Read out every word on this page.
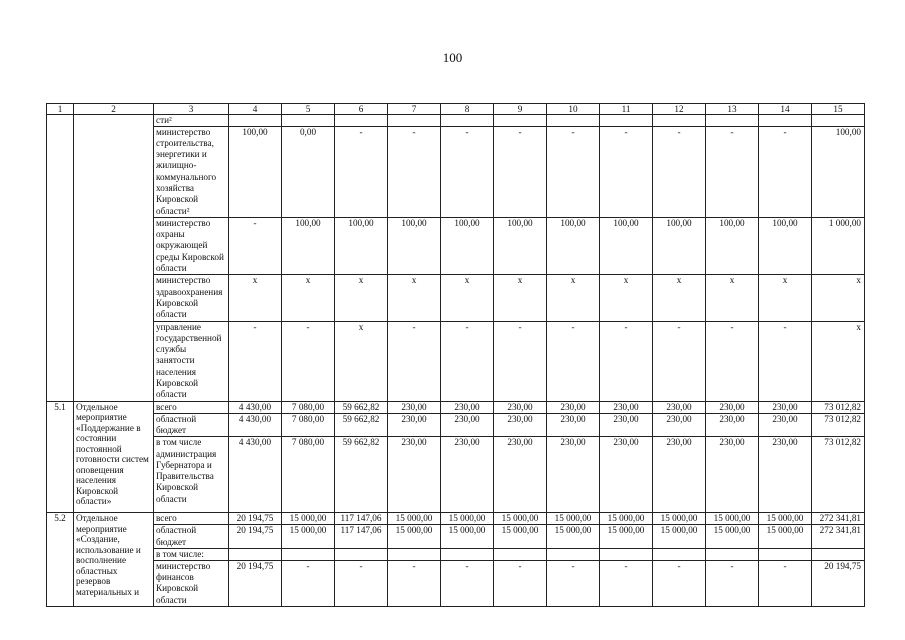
100
1	2	3	4	5	6	7	8	9	10	11	12	13	14	15
		сти²												
		министерство строительства, энергетики и жилищно-коммунального хозяйства Кировской области²	100,00	0,00	-	-	-	-	-	-	-	-	-	100,00
		министерство охраны окружающей среды Кировской области	-	100,00	100,00	100,00	100,00	100,00	100,00	100,00	100,00	100,00	100,00	1 000,00
		министерство здравоохранения Кировской области	x	x	x	x	x	x	x	x	x	x	x	x
		управление государственной службы занятости населения Кировской области	-	-	x	-	-	-	-	-	-	-	-	x
5.1	Отдельное мероприятие «Поддержание в состоянии постоянной готовности систем оповещения населения Кировской области»	всего	4 430,00	7 080,00	59 662,82	230,00	230,00	230,00	230,00	230,00	230,00	230,00	230,00	73 012,82
		областной бюджет	4 430,00	7 080,00	59 662,82	230,00	230,00	230,00	230,00	230,00	230,00	230,00	230,00	73 012,82
		в том числе администрация Губернатора и Правительства Кировской области	4 430,00	7 080,00	59 662,82	230,00	230,00	230,00	230,00	230,00	230,00	230,00	230,00	73 012,82
5.2	Отдельное мероприятие «Создание, использование и восполнение областных резервов материальных и	всего	20 194,75	15 000,00	117 147,06	15 000,00	15 000,00	15 000,00	15 000,00	15 000,00	15 000,00	15 000,00	15 000,00	272 341,81
		областной бюджет	20 194,75	15 000,00	117 147,06	15 000,00	15 000,00	15 000,00	15 000,00	15 000,00	15 000,00	15 000,00	15 000,00	272 341,81
		в том числе:												
		министерство финансов Кировской области	20 194,75	-	-	-	-	-	-	-	-	-	-	20 194,75
